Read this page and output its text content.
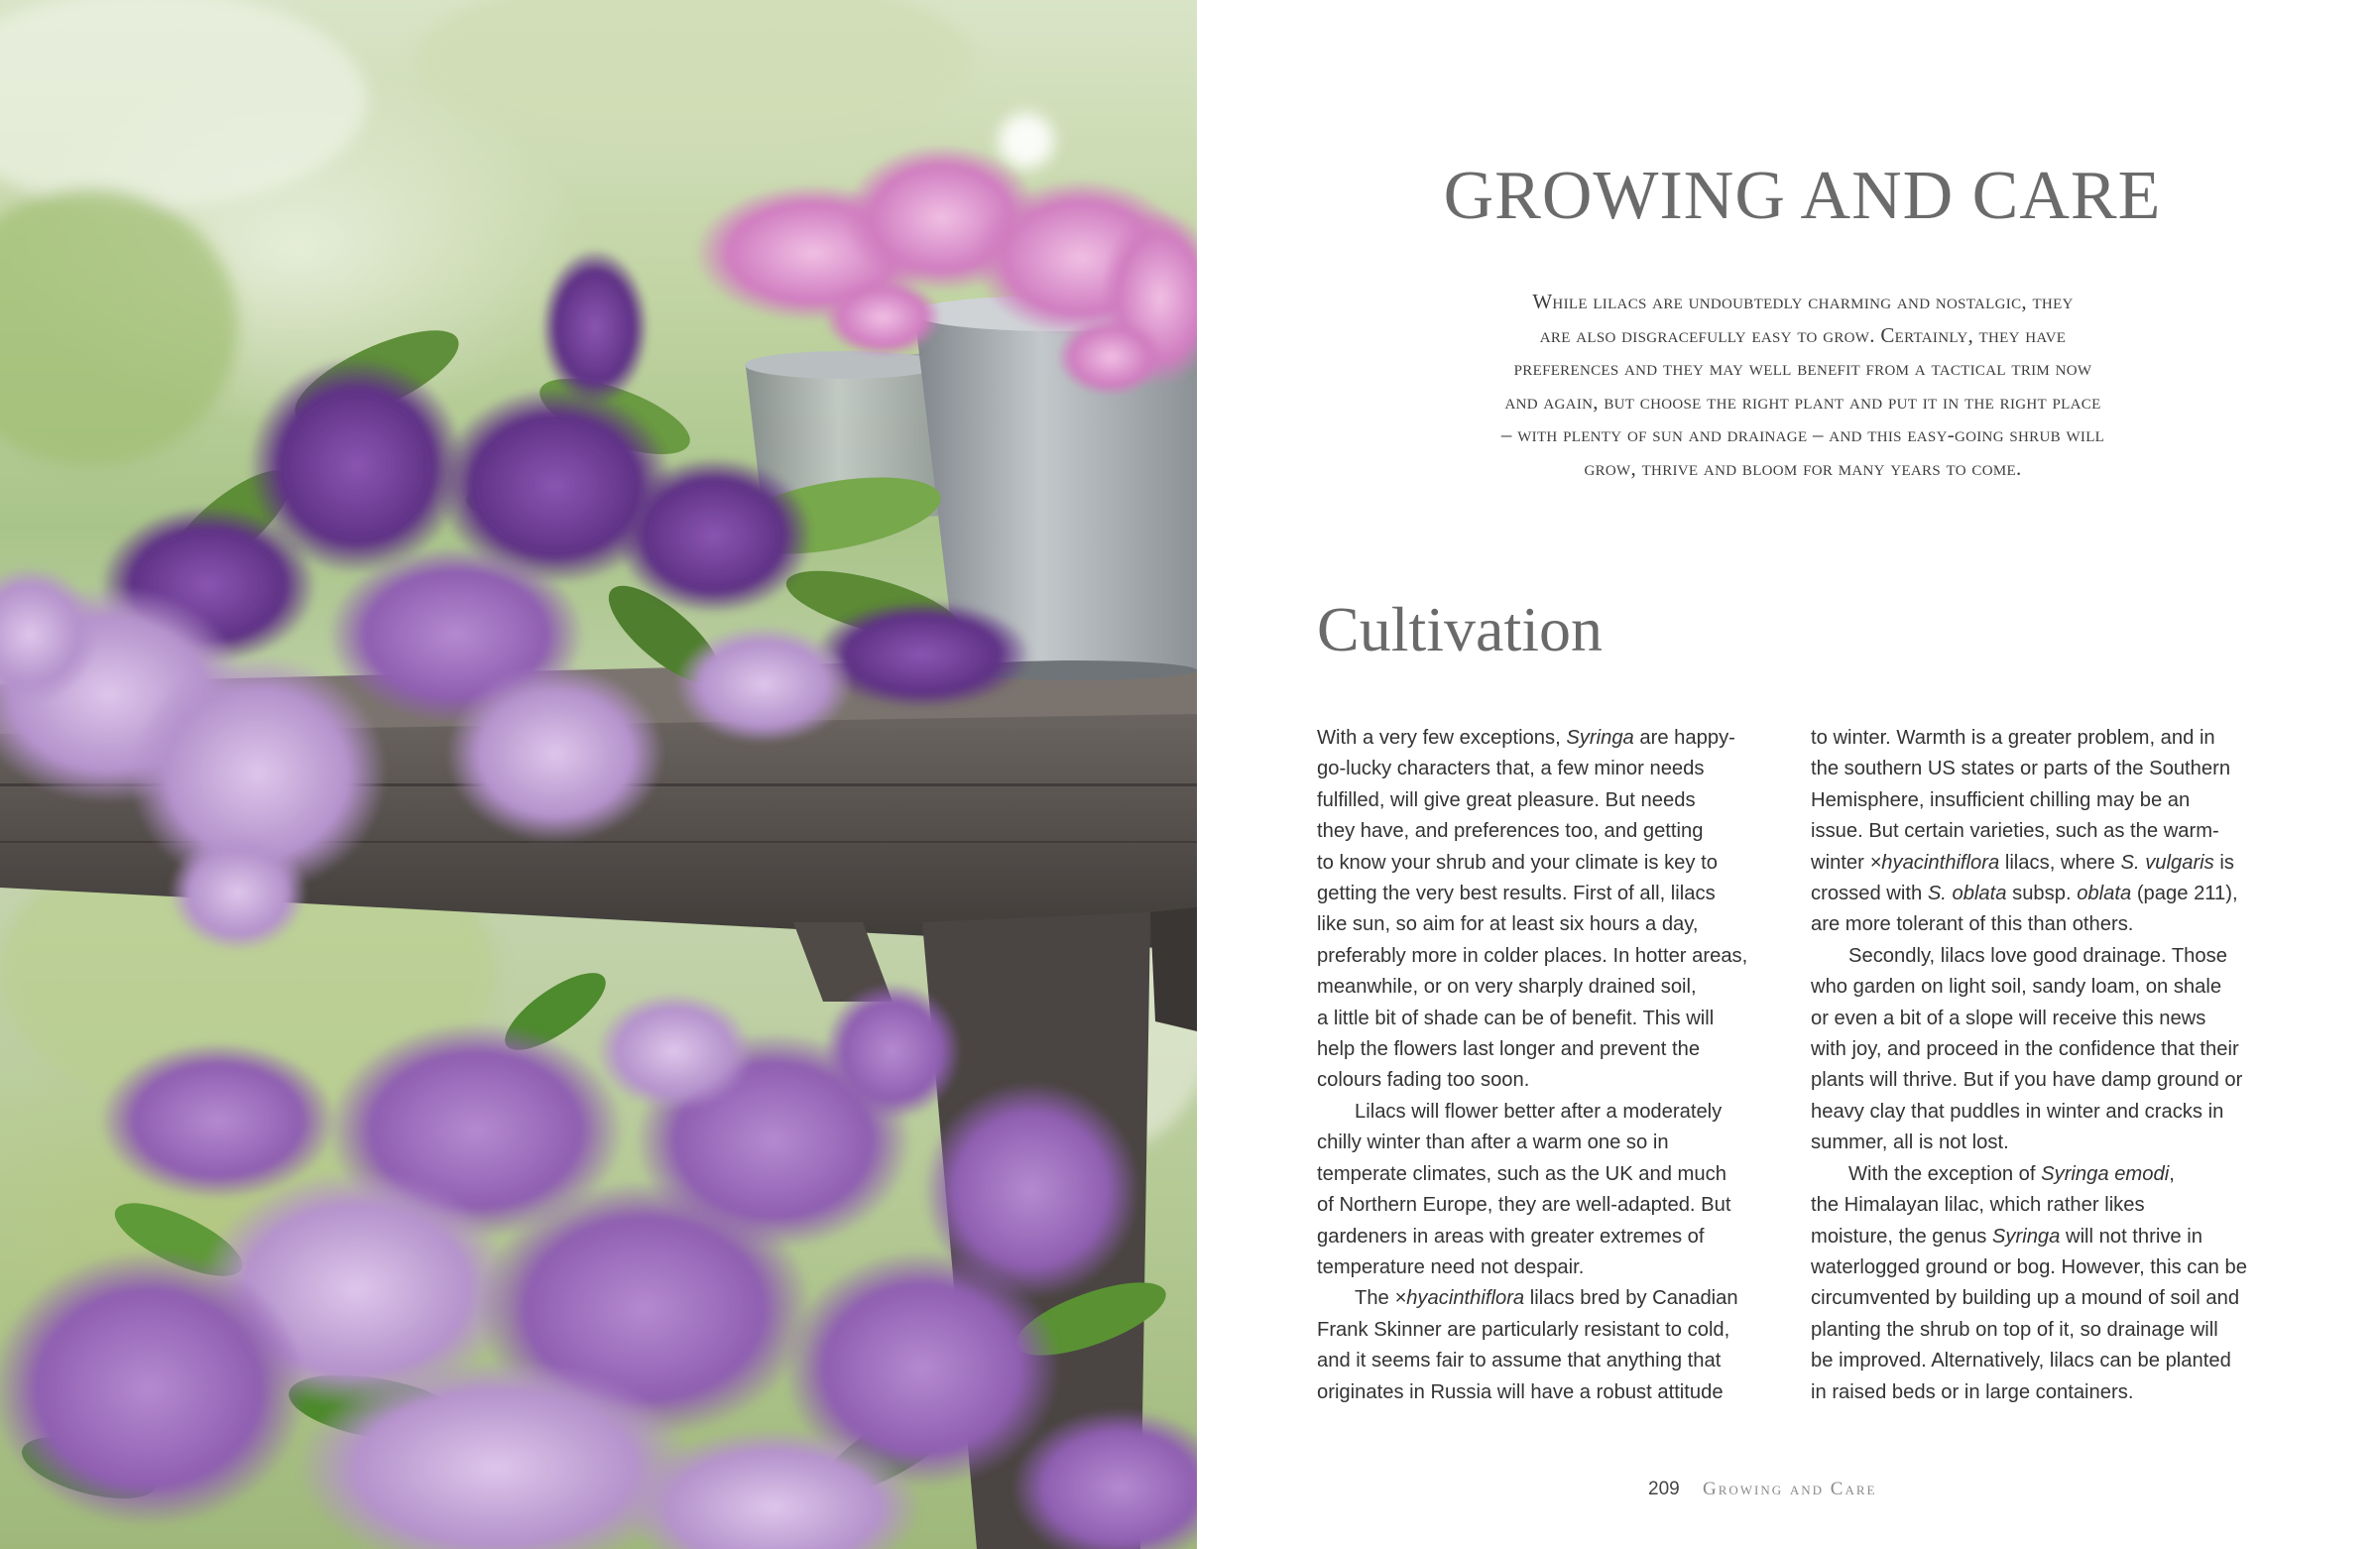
GROWING AND CARE
While lilacs are undoubtedly charming and nostalgic, they
are also disgracefully easy to grow. Certainly, they have
preferences and they may well benefit from a tactical trim now
and again, but choose the right plant and put it in the right place
– with plenty of sun and drainage – and this easy-going shrub will
grow, thrive and bloom for many years to come.
Cultivation

With a very few exceptions, Syringa are happy-

go-lucky characters that, a few minor needs

fulfilled, will give great pleasure. But needs

they have, and preferences too, and getting

to know your shrub and your climate is key to

getting the very best results. First of all, lilacs

like sun, so aim for at least six hours a day,

preferably more in colder places. In hotter areas,

meanwhile, or on very sharply drained soil,

a little bit of shade can be of benefit. This will

help the flowers last longer and prevent the

colours fading too soon.

Lilacs will flower better after a moderately

chilly winter than after a warm one so in

temperate climates, such as the UK and much

of Northern Europe, they are well-adapted. But

gardeners in areas with greater extremes of

temperature need not despair.

The ×hyacinthiflora lilacs bred by Canadian

Frank Skinner are particularly resistant to cold,

and it seems fair to assume that anything that

originates in Russia will have a robust attitude

to winter. Warmth is a greater problem, and in

the southern US states or parts of the Southern

Hemisphere, insufficient chilling may be an

issue. But certain varieties, such as the warm-

winter ×hyacinthiflora lilacs, where S. vulgaris is

crossed with S. oblata subsp. oblata (page 211),

are more tolerant of this than others.

Secondly, lilacs love good drainage. Those

who garden on light soil, sandy loam, on shale

or even a bit of a slope will receive this news

with joy, and proceed in the confidence that their

plants will thrive. But if you have damp ground or

heavy clay that puddles in winter and cracks in

summer, all is not lost.

With the exception of Syringa emodi,

the Himalayan lilac, which rather likes

moisture, the genus Syringa will not thrive in

waterlogged ground or bog. However, this can be

circumvented by building up a mound of soil and

planting the shrub on top of it, so drainage will

be improved. Alternatively, lilacs can be planted

in raised beds or in large containers.

209 Growing and Care
